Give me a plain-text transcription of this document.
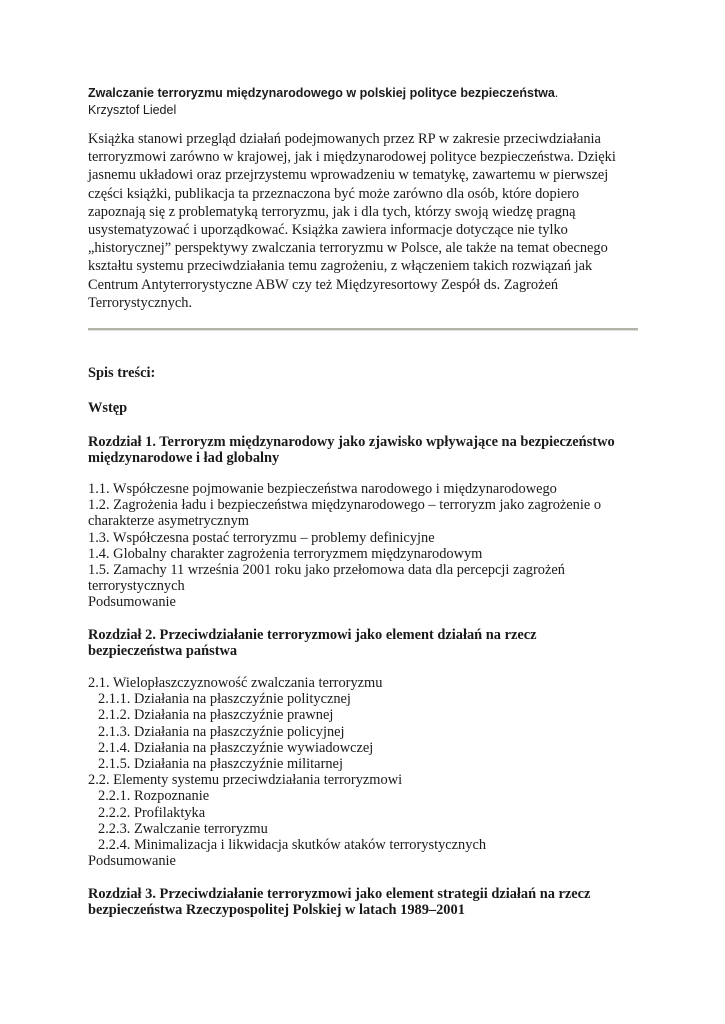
Zwalczanie terroryzmu międzynarodowego w polskiej polityce bezpieczeństwa.

Krzysztof Liedel

Książka stanowi przegląd działań podejmowanych przez RP w zakresie przeciwdziałania
terroryzmowi zarówno w krajowej, jak i międzynarodowej polityce bezpieczeństwa. Dzięki
jasnemu układowi oraz przejrzystemu wprowadzeniu w tematykę, zawartemu w pierwszej
części książki, publikacja ta przeznaczona być może zarówno dla osób, które dopiero
zapoznają się z problematyką terroryzmu, jak i dla tych, którzy swoją wiedzę pragną
usystematyzować i uporządkować. Książka zawiera informacje dotyczące nie tylko
„historycznej” perspektywy zwalczania terroryzmu w Polsce, ale także na temat obecnego
kształtu systemu przeciwdziałania temu zagrożeniu, z włączeniem takich rozwiązań jak
Centrum Antyterrorystyczne ABW czy też Międzyresortowy Zespół ds. Zagrożeń
Terrorystycznych.

Spis treści:

Wstęp

Rozdział 1. Terroryzm międzynarodowy jako zjawisko wpływające na bezpieczeństwo
międzynarodowe i ład globalny
1.1. Współczesne pojmowanie bezpieczeństwa narodowego i międzynarodowego
1.2. Zagrożenia ładu i bezpieczeństwa międzynarodowego – terroryzm jako zagrożenie o
charakterze asymetrycznym
1.3. Współczesna postać terroryzmu – problemy definicyjne
1.4. Globalny charakter zagrożenia terroryzmem międzynarodowym
1.5. Zamachy 11 września 2001 roku jako przełomowa data dla percepcji zagrożeń
terrorystycznych
Podsumowanie
Rozdział 2. Przeciwdziałanie terroryzmowi jako element działań na rzecz
bezpieczeństwa państwa
2.1. Wielopłaszczyznowość zwalczania terroryzmu
2.1.1. Działania na płaszczyźnie politycznej
2.1.2. Działania na płaszczyźnie prawnej
2.1.3. Działania na płaszczyźnie policyjnej
2.1.4. Działania na płaszczyźnie wywiadowczej
2.1.5. Działania na płaszczyźnie militarnej
2.2. Elementy systemu przeciwdziałania terroryzmowi
2.2.1. Rozpoznanie
2.2.2. Profilaktyka
2.2.3. Zwalczanie terroryzmu
2.2.4. Minimalizacja i likwidacja skutków ataków terrorystycznych
Podsumowanie
Rozdział 3. Przeciwdziałanie terroryzmowi jako element strategii działań na rzecz
bezpieczeństwa Rzeczypospolitej Polskiej w latach 1989–2001
